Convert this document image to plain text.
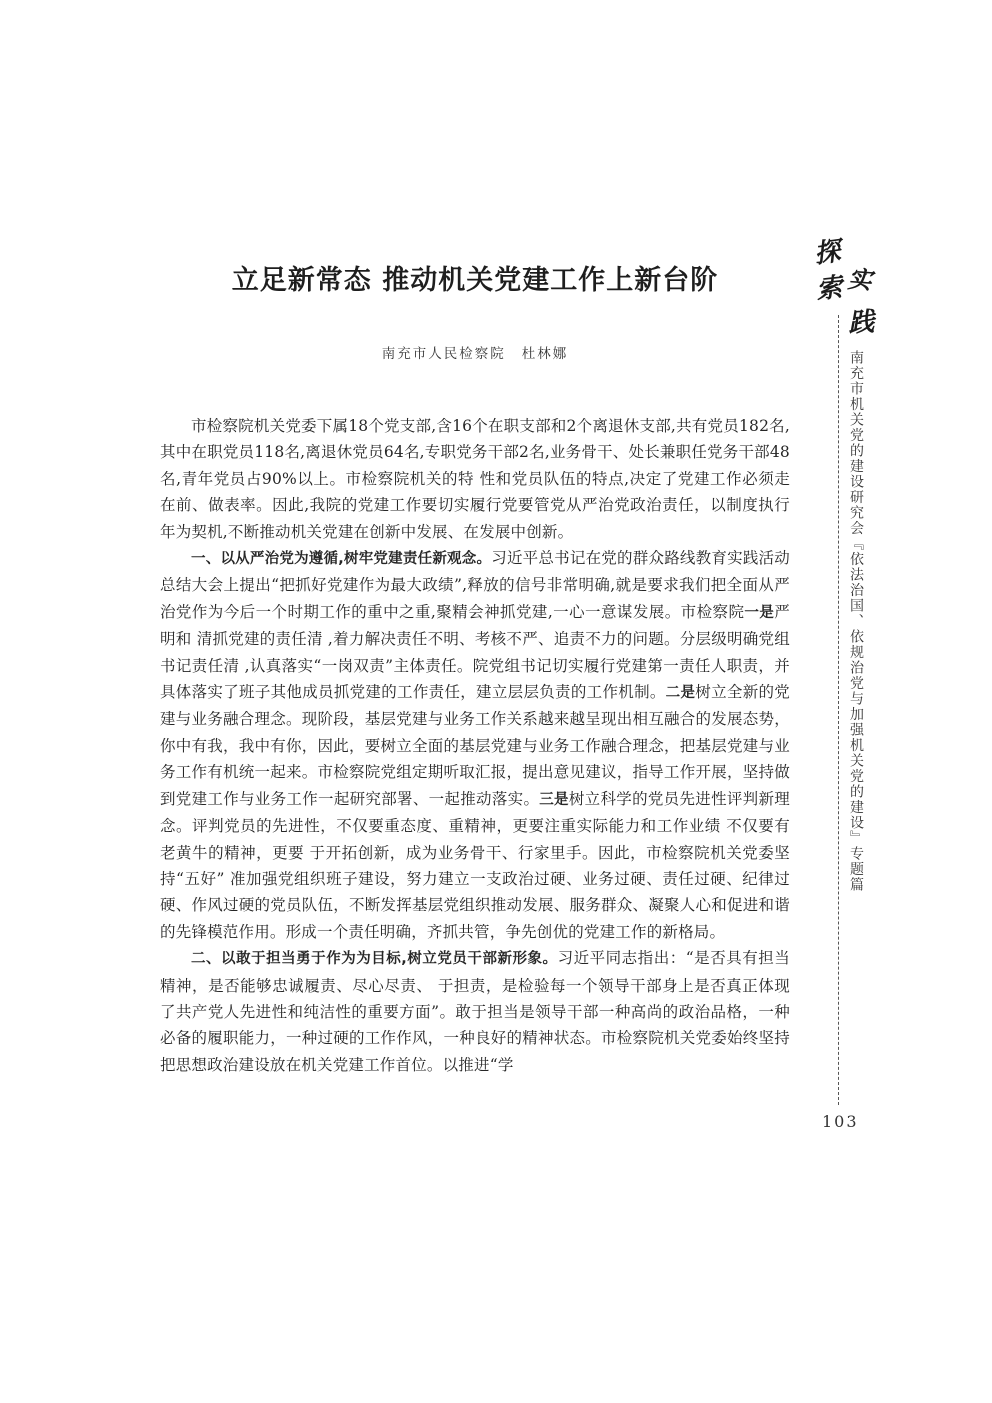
立足新常态 推动机关党建工作上新台阶
南充市人民检察院 杜林娜

市检察院机关党委下属18个党支部,含16个在职支部和2个离退休支部,共有党员182名,其中在职党员118名,离退休党员64名,专职党务干部2名,业务骨干、处长兼职任党务干部48名,青年党员占90%以上。市检察院机关的特 性和党员队伍的特点,决定了党建工作必须走在前、做表率。因此,我院的党建工作要切实履行党要管党从严治党政治责任，以制度执行年为契机,不断推动机关党建在创新中发展、在发展中创新。

一、以从严治党为遵循,树牢党建责任新观念。习近平总书记在党的群众路线教育实践活动总结大会上提出“把抓好党建作为最大政绩”,释放的信号非常明确,就是要求我们把全面从严治党作为今后一个时期工作的重中之重,聚精会神抓党建,一心一意谋发展。市检察院一是严明和 清抓党建的责任清 ,着力解决责任不明、考核不严、追责不力的问题。分层级明确党组书记责任清 ,认真落实“一岗双责”主体责任。院党组书记切实履行党建第一责任人职责，并具体落实了班子其他成员抓党建的工作责任，建立层层负责的工作机制。二是树立全新的党建与业务融合理念。现阶段，基层党建与业务工作关系越来越呈现出相互融合的发展态势，你中有我，我中有你，因此，要树立全面的基层党建与业务工作融合理念，把基层党建与业务工作有机统一起来。市检察院党组定期听取汇报，提出意见建议，指导工作开展，坚持做到党建工作与业务工作一起研究部署、一起推动落实。三是树立科学的党员先进性评判新理念。评判党员的先进性，不仅要重态度、重精神，更要注重实际能力和工作业绩 不仅要有老黄牛的精神，更要 于开拓创新，成为业务骨干、行家里手。因此，市检察院机关党委坚持“五好” 准加强党组织班子建设，努力建立一支政治过硬、业务过硬、责任过硬、纪律过硬、作风过硬的党员队伍，不断发挥基层党组织推动发展、服务群众、凝聚人心和促进和谐的先锋模范作用。形成一个责任明确，齐抓共管，争先创优的党建工作的新格局。

二、以敢于担当勇于作为为目标,树立党员干部新形象。习近平同志指出：“是否具有担当精神，是否能够忠诚履责、尽心尽责、 于担责，是检验每一个领导干部身上是否真正体现了共产党人先进性和纯洁性的重要方面”。敢于担当是领导干部一种高尚的政治品格，一种必备的履职能力，一种过硬的工作作风，一种良好的精神状态。市检察院机关党委始终坚持把思想政治建设放在机关党建工作首位。以推进“学

探
索 实
践
南充市机关党的建设研究会『依法治国、依规治党与加强机关党的建设』专题篇
103
